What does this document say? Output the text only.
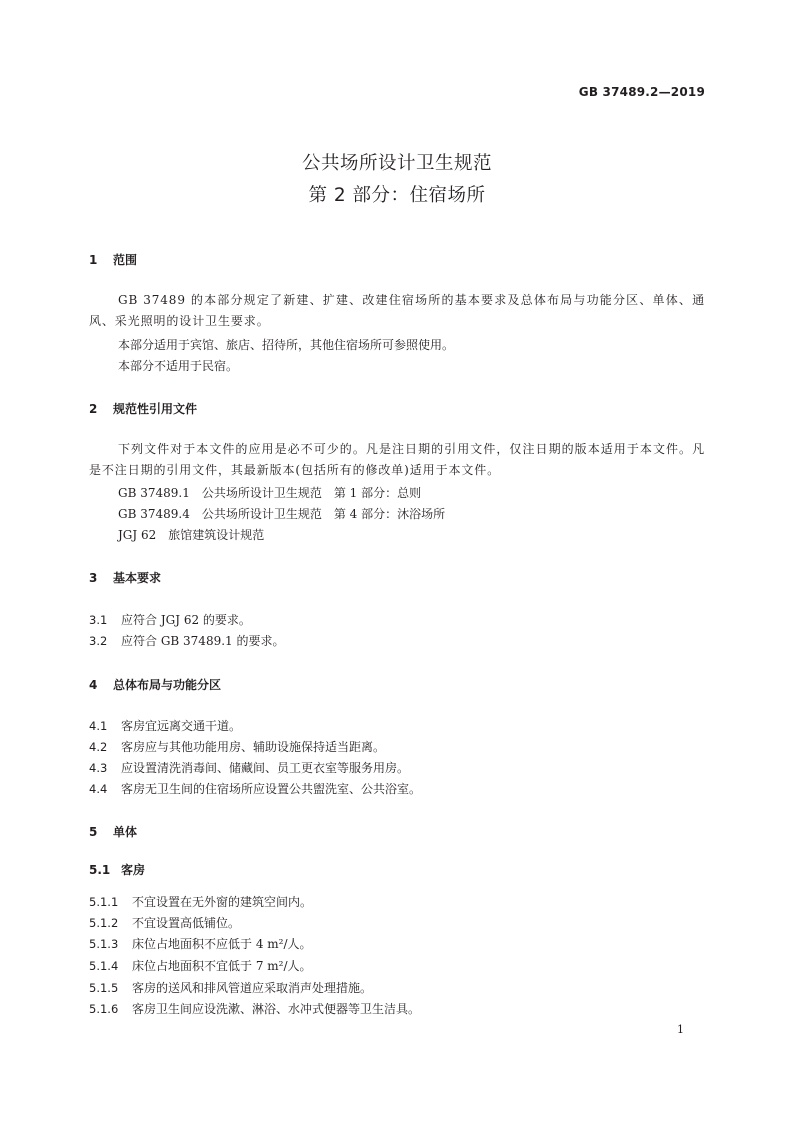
GB 37489.2—2019
公共场所设计卫生规范
第 2 部分：住宿场所
1 范围
GB 37489 的本部分规定了新建、扩建、改建住宿场所的基本要求及总体布局与功能分区、单体、通风、采光照明的设计卫生要求。
本部分适用于宾馆、旅店、招待所，其他住宿场所可参照使用。
本部分不适用于民宿。
2 规范性引用文件
下列文件对于本文件的应用是必不可少的。凡是注日期的引用文件，仅注日期的版本适用于本文件。凡是不注日期的引用文件，其最新版本(包括所有的修改单)适用于本文件。
GB 37489.1　公共场所设计卫生规范　第 1 部分：总则
GB 37489.4　公共场所设计卫生规范　第 4 部分：沐浴场所
JGJ 62　旅馆建筑设计规范
3 基本要求
3.1 应符合 JGJ 62 的要求。
3.2 应符合 GB 37489.1 的要求。
4 总体布局与功能分区
4.1 客房宜远离交通干道。
4.2 客房应与其他功能用房、辅助设施保持适当距离。
4.3 应设置清洗消毒间、储藏间、员工更衣室等服务用房。
4.4 客房无卫生间的住宿场所应设置公共盥洗室、公共浴室。
5 单体
5.1 客房
5.1.1 不宜设置在无外窗的建筑空间内。
5.1.2 不宜设置高低铺位。
5.1.3 床位占地面积不应低于 4 m²/人。
5.1.4 床位占地面积不宜低于 7 m²/人。
5.1.5 客房的送风和排风管道应采取消声处理措施。
5.1.6 客房卫生间应设洗漱、淋浴、水冲式便器等卫生洁具。
1
